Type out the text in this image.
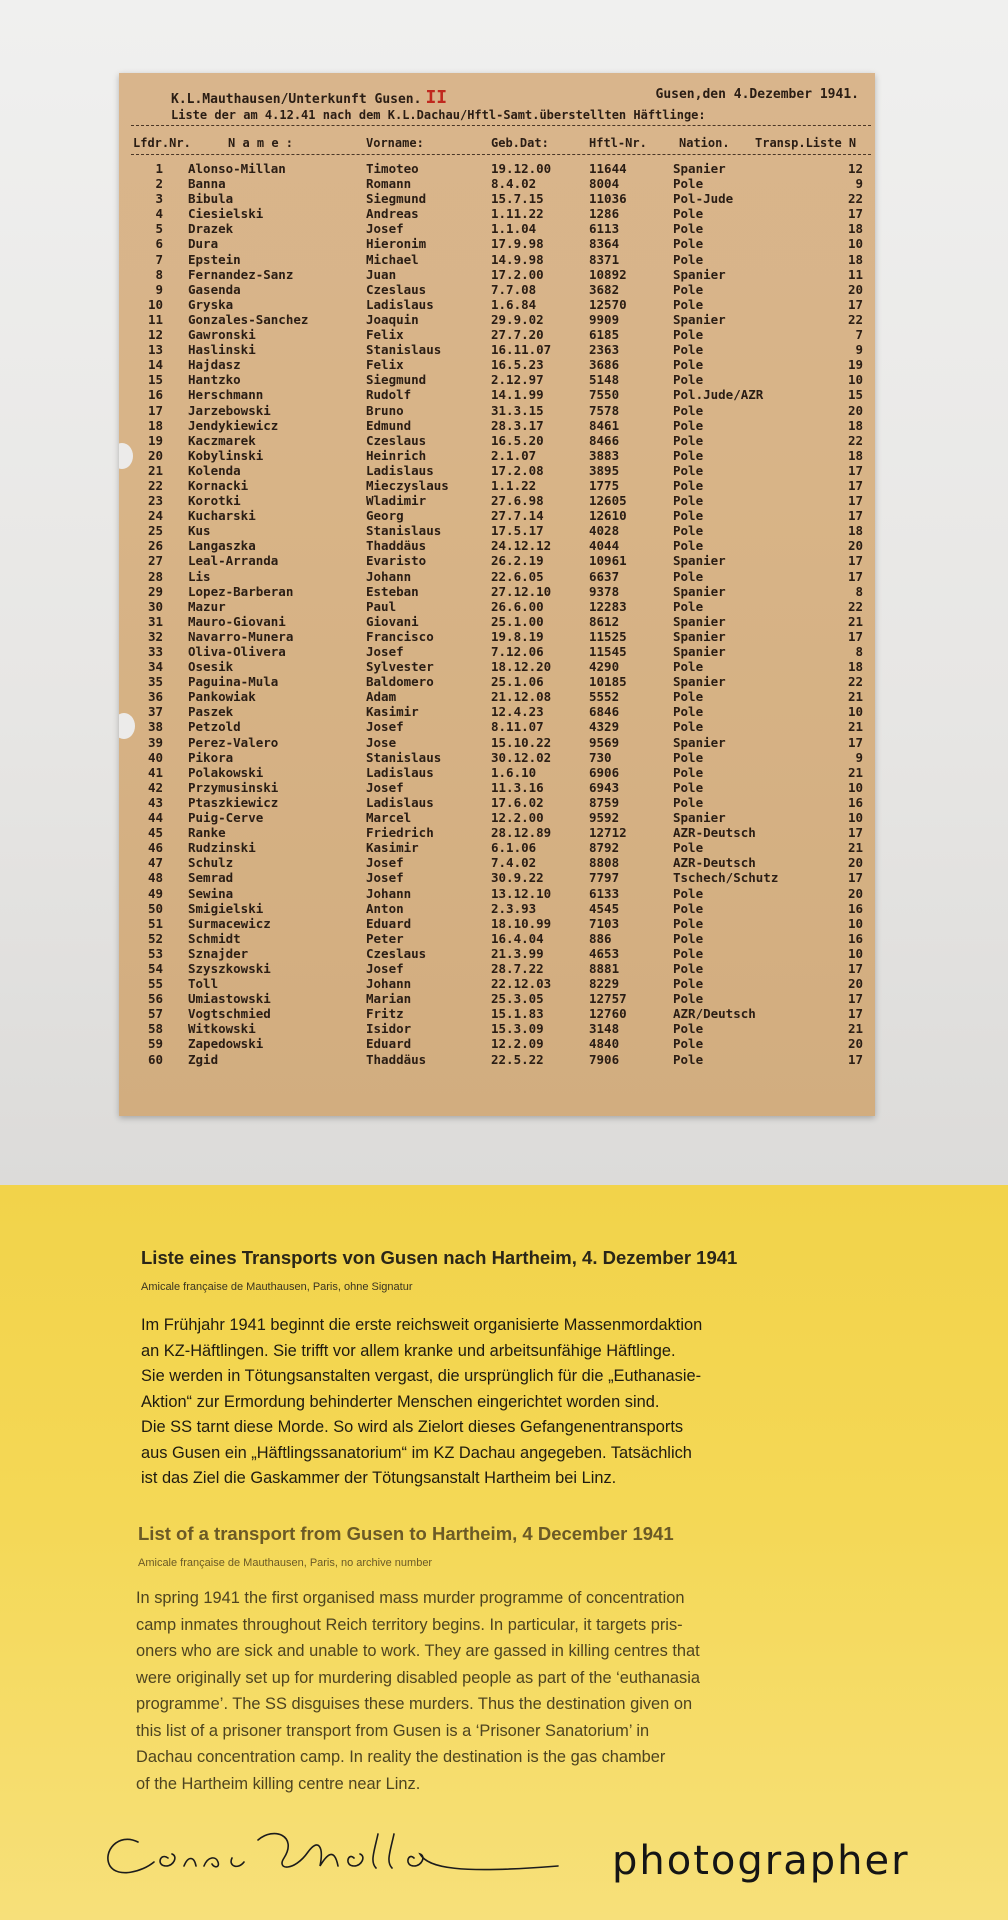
K.L.Mauthausen/Unterkunft Gusen. II	Gusen,den 4.Dezember 1941.
Liste der am 4.12.41 nach dem K.L.Dachau/Hftl-Samt.überstellten Häftlinge:
Lfdr.Nr.	N a m e :	Vorname:	Geb.Dat:	Hftl-Nr.	Nation. Transp.Liste N
1 Alonso-Millan	Timoteo	19.12.00	11644	Spanier	12
2 Banna	Romann	8.4.02	8004	Pole	9
3 Bibula	Siegmund	15.7.15	11036	Pol-Jude	22
4 Ciesielski	Andreas	1.11.22	1286	Pole	17
5 Drazek	Josef	1.1.04	6113	Pole	18
6 Dura	Hieronim	17.9.98	8364	Pole	10
7 Epstein	Michael	14.9.98	8371	Pole	18
8 Fernandez-Sanz	Juan	17.2.00	10892	Spanier	11
9 Gasenda	Czeslaus	7.7.08	3682	Pole	20
10 Gryska	Ladislaus	1.6.84	12570	Pole	17
11 Gonzales-Sanchez	Joaquin	29.9.02	9909	Spanier	22
12 Gawronski	Felix	27.7.20	6185	Pole	7
13 Haslinski	Stanislaus	16.11.07	2363	Pole	9
14 Hajdasz	Felix	16.5.23	3686	Pole	19
15 Hantzko	Siegmund	2.12.97	5148	Pole	10
16 Herschmann	Rudolf	14.1.99	7550	Pol.Jude/AZR	15
17 Jarzebowski	Bruno	31.3.15	7578	Pole	20
18 Jendykiewicz	Edmund	28.3.17	8461	Pole	18
19 Kaczmarek	Czeslaus	16.5.20	8466	Pole	22
20 Kobylinski	Heinrich	2.1.07	3883	Pole	18
21 Kolenda	Ladislaus	17.2.08	3895	Pole	17
22 Kornacki	Mieczyslaus	1.1.22	1775	Pole	17
23 Korotki	Wladimir	27.6.98	12605	Pole	17
24 Kucharski	Georg	27.7.14	12610	Pole	17
25 Kus	Stanislaus	17.5.17	4028	Pole	18
26 Langaszka	Thaddäus	24.12.12	4044	Pole	20
27 Leal-Arranda	Evaristo	26.2.19	10961	Spanier	17
28 Lis	Johann	22.6.05	6637	Pole	17
29 Lopez-Barberan	Esteban	27.12.10	9378	Spanier	8
30 Mazur	Paul	26.6.00	12283	Pole	22
31 Mauro-Giovani	Giovani	25.1.00	8612	Spanier	21
32 Navarro-Munera	Francisco	19.8.19	11525	Spanier	17
33 Oliva-Olivera	Josef	7.12.06	11545	Spanier	8
34 Osesik	Sylvester	18.12.20	4290	Pole	18
35 Paguina-Mula	Baldomero	25.1.06	10185	Spanier	22
36 Pankowiak	Adam	21.12.08	5552	Pole	21
37 Paszek	Kasimir	12.4.23	6846	Pole	10
38 Petzold	Josef	8.11.07	4329	Pole	21
39 Perez-Valero	Jose	15.10.22	9569	Spanier	17
40 Pikora	Stanislaus	30.12.02	730	Pole	9
41 Polakowski	Ladislaus	1.6.10	6906	Pole	21
42 Przymusinski	Josef	11.3.16	6943	Pole	10
43 Ptaszkiewicz	Ladislaus	17.6.02	8759	Pole	16
44 Puig-Cerve	Marcel	12.2.00	9592	Spanier	10
45 Ranke	Friedrich	28.12.89	12712	AZR-Deutsch	17
46 Rudzinski	Kasimir	6.1.06	8792	Pole	21
47 Schulz	Josef	7.4.02	8808	AZR-Deutsch	20
48 Semrad	Josef	30.9.22	7797	Tschech/Schutz	17
49 Sewina	Johann	13.12.10	6133	Pole	20
50 Smigielski	Anton	2.3.93	4545	Pole	16
51 Surmacewicz	Eduard	18.10.99	7103	Pole	10
52 Schmidt	Peter	16.4.04	886	Pole	16
53 Sznajder	Czeslaus	21.3.99	4653	Pole	10
54 Szyszkowski	Josef	28.7.22	8881	Pole	17
55 Toll	Johann	22.12.03	8229	Pole	20
56 Umiastowski	Marian	25.3.05	12757	Pole	17
57 Vogtschmied	Fritz	15.1.83	12760	AZR/Deutsch	17
58 Witkowski	Isidor	15.3.09	3148	Pole	21
59 Zapedowski	Eduard	12.2.09	4840	Pole	20
60 Zgid	Thaddäus	22.5.22	7906	Pole	17
Liste eines Transports von Gusen nach Hartheim, 4. Dezember 1941
Amicale française de Mauthausen, Paris, ohne Signatur
Im Frühjahr 1941 beginnt die erste reichsweit organisierte Massenmordaktion
an KZ-Häftlingen. Sie trifft vor allem kranke und arbeitsunfähige Häftlinge.
Sie werden in Tötungsanstalten vergast, die ursprünglich für die „Euthanasie-
Aktion“ zur Ermordung behinderter Menschen eingerichtet worden sind.
Die SS tarnt diese Morde. So wird als Zielort dieses Gefangenentransports
aus Gusen ein „Häftlingssanatorium“ im KZ Dachau angegeben. Tatsächlich
ist das Ziel die Gaskammer der Tötungsanstalt Hartheim bei Linz.
List of a transport from Gusen to Hartheim, 4 December 1941
Amicale française de Mauthausen, Paris, no archive number
In spring 1941 the first organised mass murder programme of concentration
camp inmates throughout Reich territory begins. In particular, it targets pris-
oners who are sick and unable to work. They are gassed in killing centres that
were originally set up for murdering disabled people as part of the ‘euthanasia
programme’. The SS disguises these murders. Thus the destination given on
this list of a prisoner transport from Gusen is a ‘Prisoner Sanatorium’ in
Dachau concentration camp. In reality the destination is the gas chamber
of the Hartheim killing centre near Linz.
photographer
